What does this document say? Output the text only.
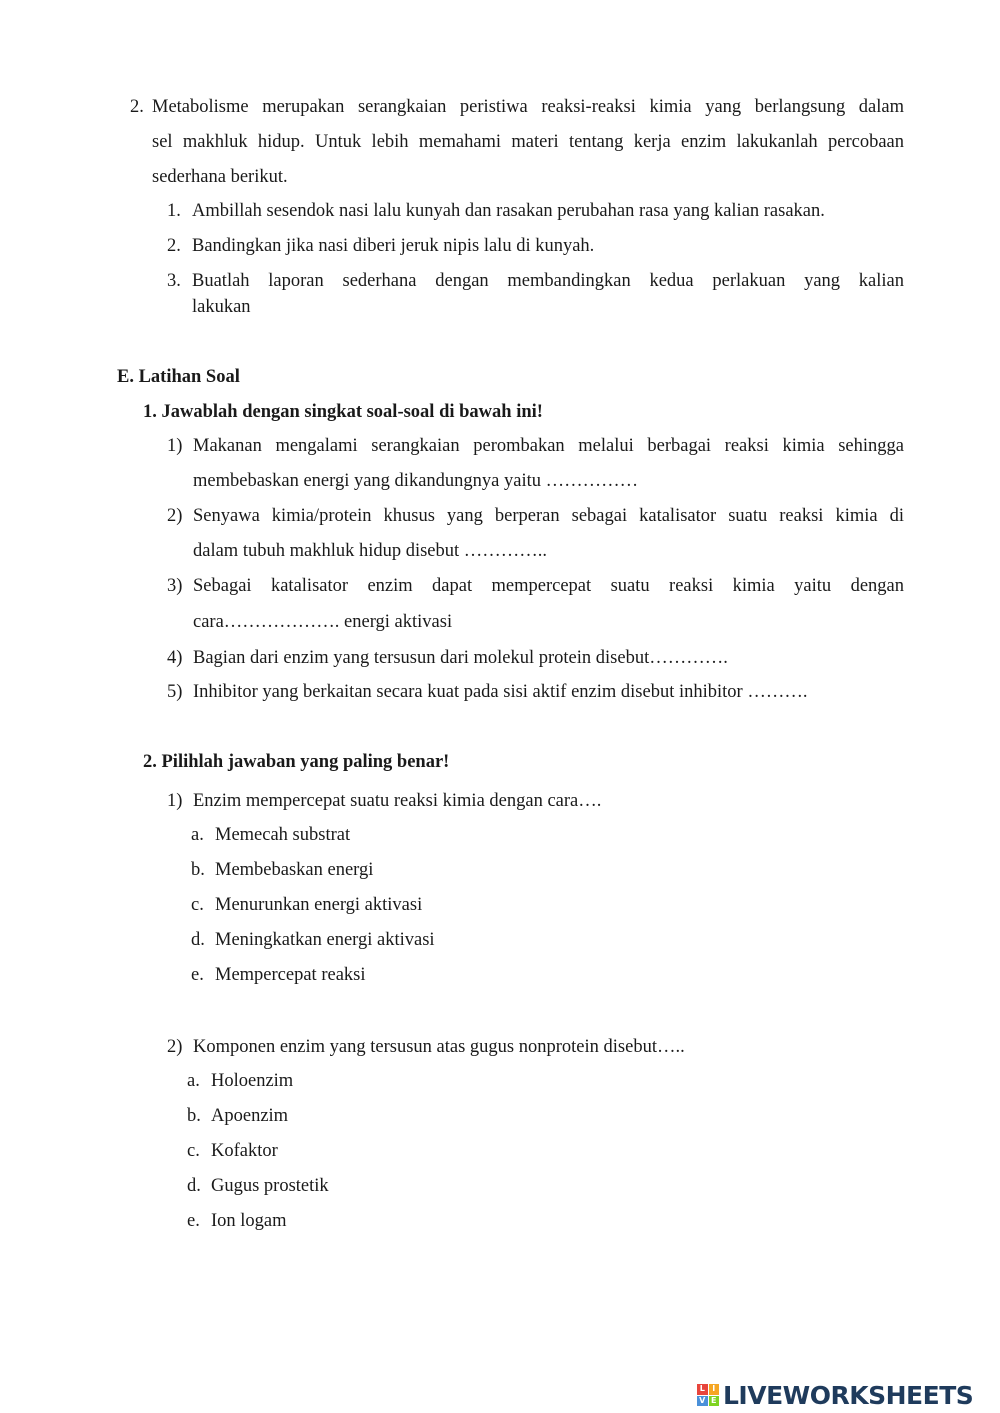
2. Metabolisme merupakan serangkaian peristiwa reaksi-reaksi kimia yang berlangsung dalam
sel makhluk hidup. Untuk lebih memahami materi tentang kerja enzim lakukanlah percobaan
sederhana berikut.
1. Ambillah sesendok nasi lalu kunyah dan rasakan perubahan rasa yang kalian rasakan.
2. Bandingkan jika nasi diberi jeruk nipis lalu di kunyah.
3. Buatlah laporan sederhana dengan membandingkan kedua perlakuan yang kalian
lakukan
E. Latihan Soal
1. Jawablah dengan singkat soal-soal di bawah ini!
1) Makanan mengalami serangkaian perombakan melalui berbagai reaksi kimia sehingga
membebaskan energi yang dikandungnya yaitu ……………
2) Senyawa kimia/protein khusus yang berperan sebagai katalisator suatu reaksi kimia di
dalam tubuh makhluk hidup disebut …………..
3) Sebagai katalisator enzim dapat mempercepat suatu reaksi kimia yaitu dengan
cara………………. energi aktivasi
4) Bagian dari enzim yang tersusun dari molekul protein disebut………….
5) Inhibitor yang berkaitan secara kuat pada sisi aktif enzim disebut inhibitor ……….
2. Pilihlah jawaban yang paling benar!
1) Enzim mempercepat suatu reaksi kimia dengan cara….
a. Memecah substrat
b. Membebaskan energi
c. Menurunkan energi aktivasi
d. Meningkatkan energi aktivasi
e. Mempercepat reaksi
2) Komponen enzim yang tersusun atas gugus nonprotein disebut…..
a. Holoenzim
b. Apoenzim
c. Kofaktor
d. Gugus prostetik
e. Ion logam
L I
V E LIVEWORKSHEETS
